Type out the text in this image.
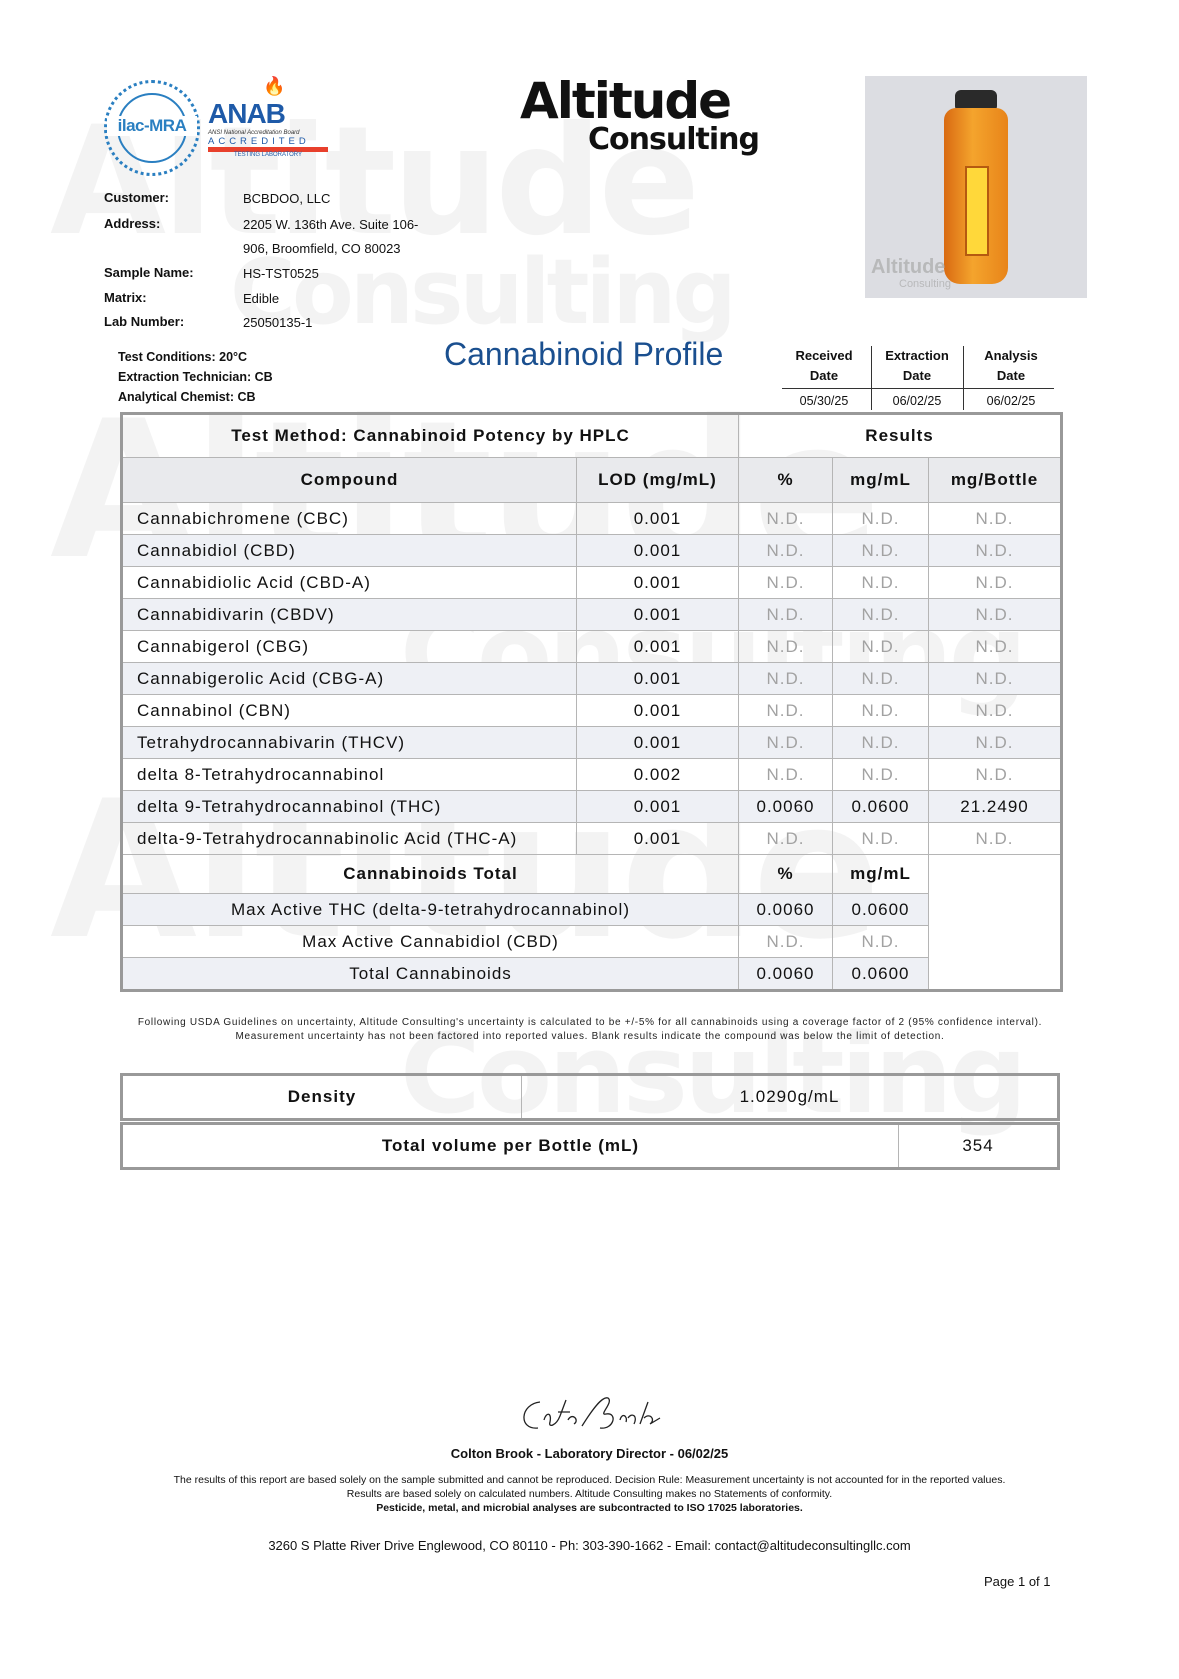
ilac-MRA
🔥
ANAB
ANSI National Accreditation Board
ACCREDITED
TESTING LABORATORY
Altitude
Consulting
Altitude
Consulting
Customer:	BCBDOO, LLC
Address:	2205 W. 136th Ave. Suite 106-
906, Broomfield, CO 80023
Sample Name:	HS-TST0525
Matrix:	Edible
Lab Number:	25050135-1
Test Conditions: 20°C
Extraction Technician: CB
Analytical Chemist: CB
Cannabinoid Profile	Received
Date
Extraction
Date
Analysis
Date
05/30/25	06/02/25	06/02/25
Test Method: Cannabinoid Potency by HPLC		Results		
Compound	LOD (mg/mL)	%	mg/mL	mg/Bottle
Cannabichromene (CBC)	0.001	N.D.	N.D.	N.D.
Cannabidiol (CBD)	0.001	N.D.	N.D.	N.D.
Cannabidiolic Acid (CBD-A)	0.001	N.D.	N.D.	N.D.
Cannabidivarin (CBDV)	0.001	N.D.	N.D.	N.D.
Cannabigerol (CBG)	0.001	N.D.	N.D.	N.D.
Cannabigerolic Acid (CBG-A)	0.001	N.D.	N.D.	N.D.
Cannabinol (CBN)	0.001	N.D.	N.D.	N.D.
Tetrahydrocannabivarin (THCV)	0.001	N.D.	N.D.	N.D.
delta 8-Tetrahydrocannabinol	0.002	N.D.	N.D.	N.D.
delta 9-Tetrahydrocannabinol (THC)	0.001	0.0060	0.0600	21.2490
delta-9-Tetrahydrocannabinolic Acid (THC-A)	0.001	N.D.	N.D.	N.D.
Cannabinoids Total		%	mg/mL	
Max Active THC (delta-9-tetrahydrocannabinol)		0.0060	0.0600	
Max Active Cannabidiol (CBD)		N.D.	N.D.	
Total Cannabinoids		0.0060	0.0600	
Following USDA Guidelines on uncertainty, Altitude Consulting's uncertainty is calculated to be +/-5% for all cannabinoids using a coverage factor of 2 (95% confidence interval). Measurement uncertainty has not been factored into reported values. Blank results indicate the compound was below the limit of detection.
Density	1.0290g/mL
Total volume per Bottle (mL)	354
Colton Brook - Laboratory Director - 06/02/25
The results of this report are based solely on the sample submitted and cannot be reproduced. Decision Rule: Measurement uncertainty is not accounted for in the reported values.
Results are based solely on calculated numbers. Altitude Consulting makes no Statements of conformity.
Pesticide, metal, and microbial analyses are subcontracted to ISO 17025 laboratories.
3260 S Platte River Drive Englewood, CO 80110 - Ph: 303-390-1662 - Email: contact@altitudeconsultingllc.com
Page 1 of 1
